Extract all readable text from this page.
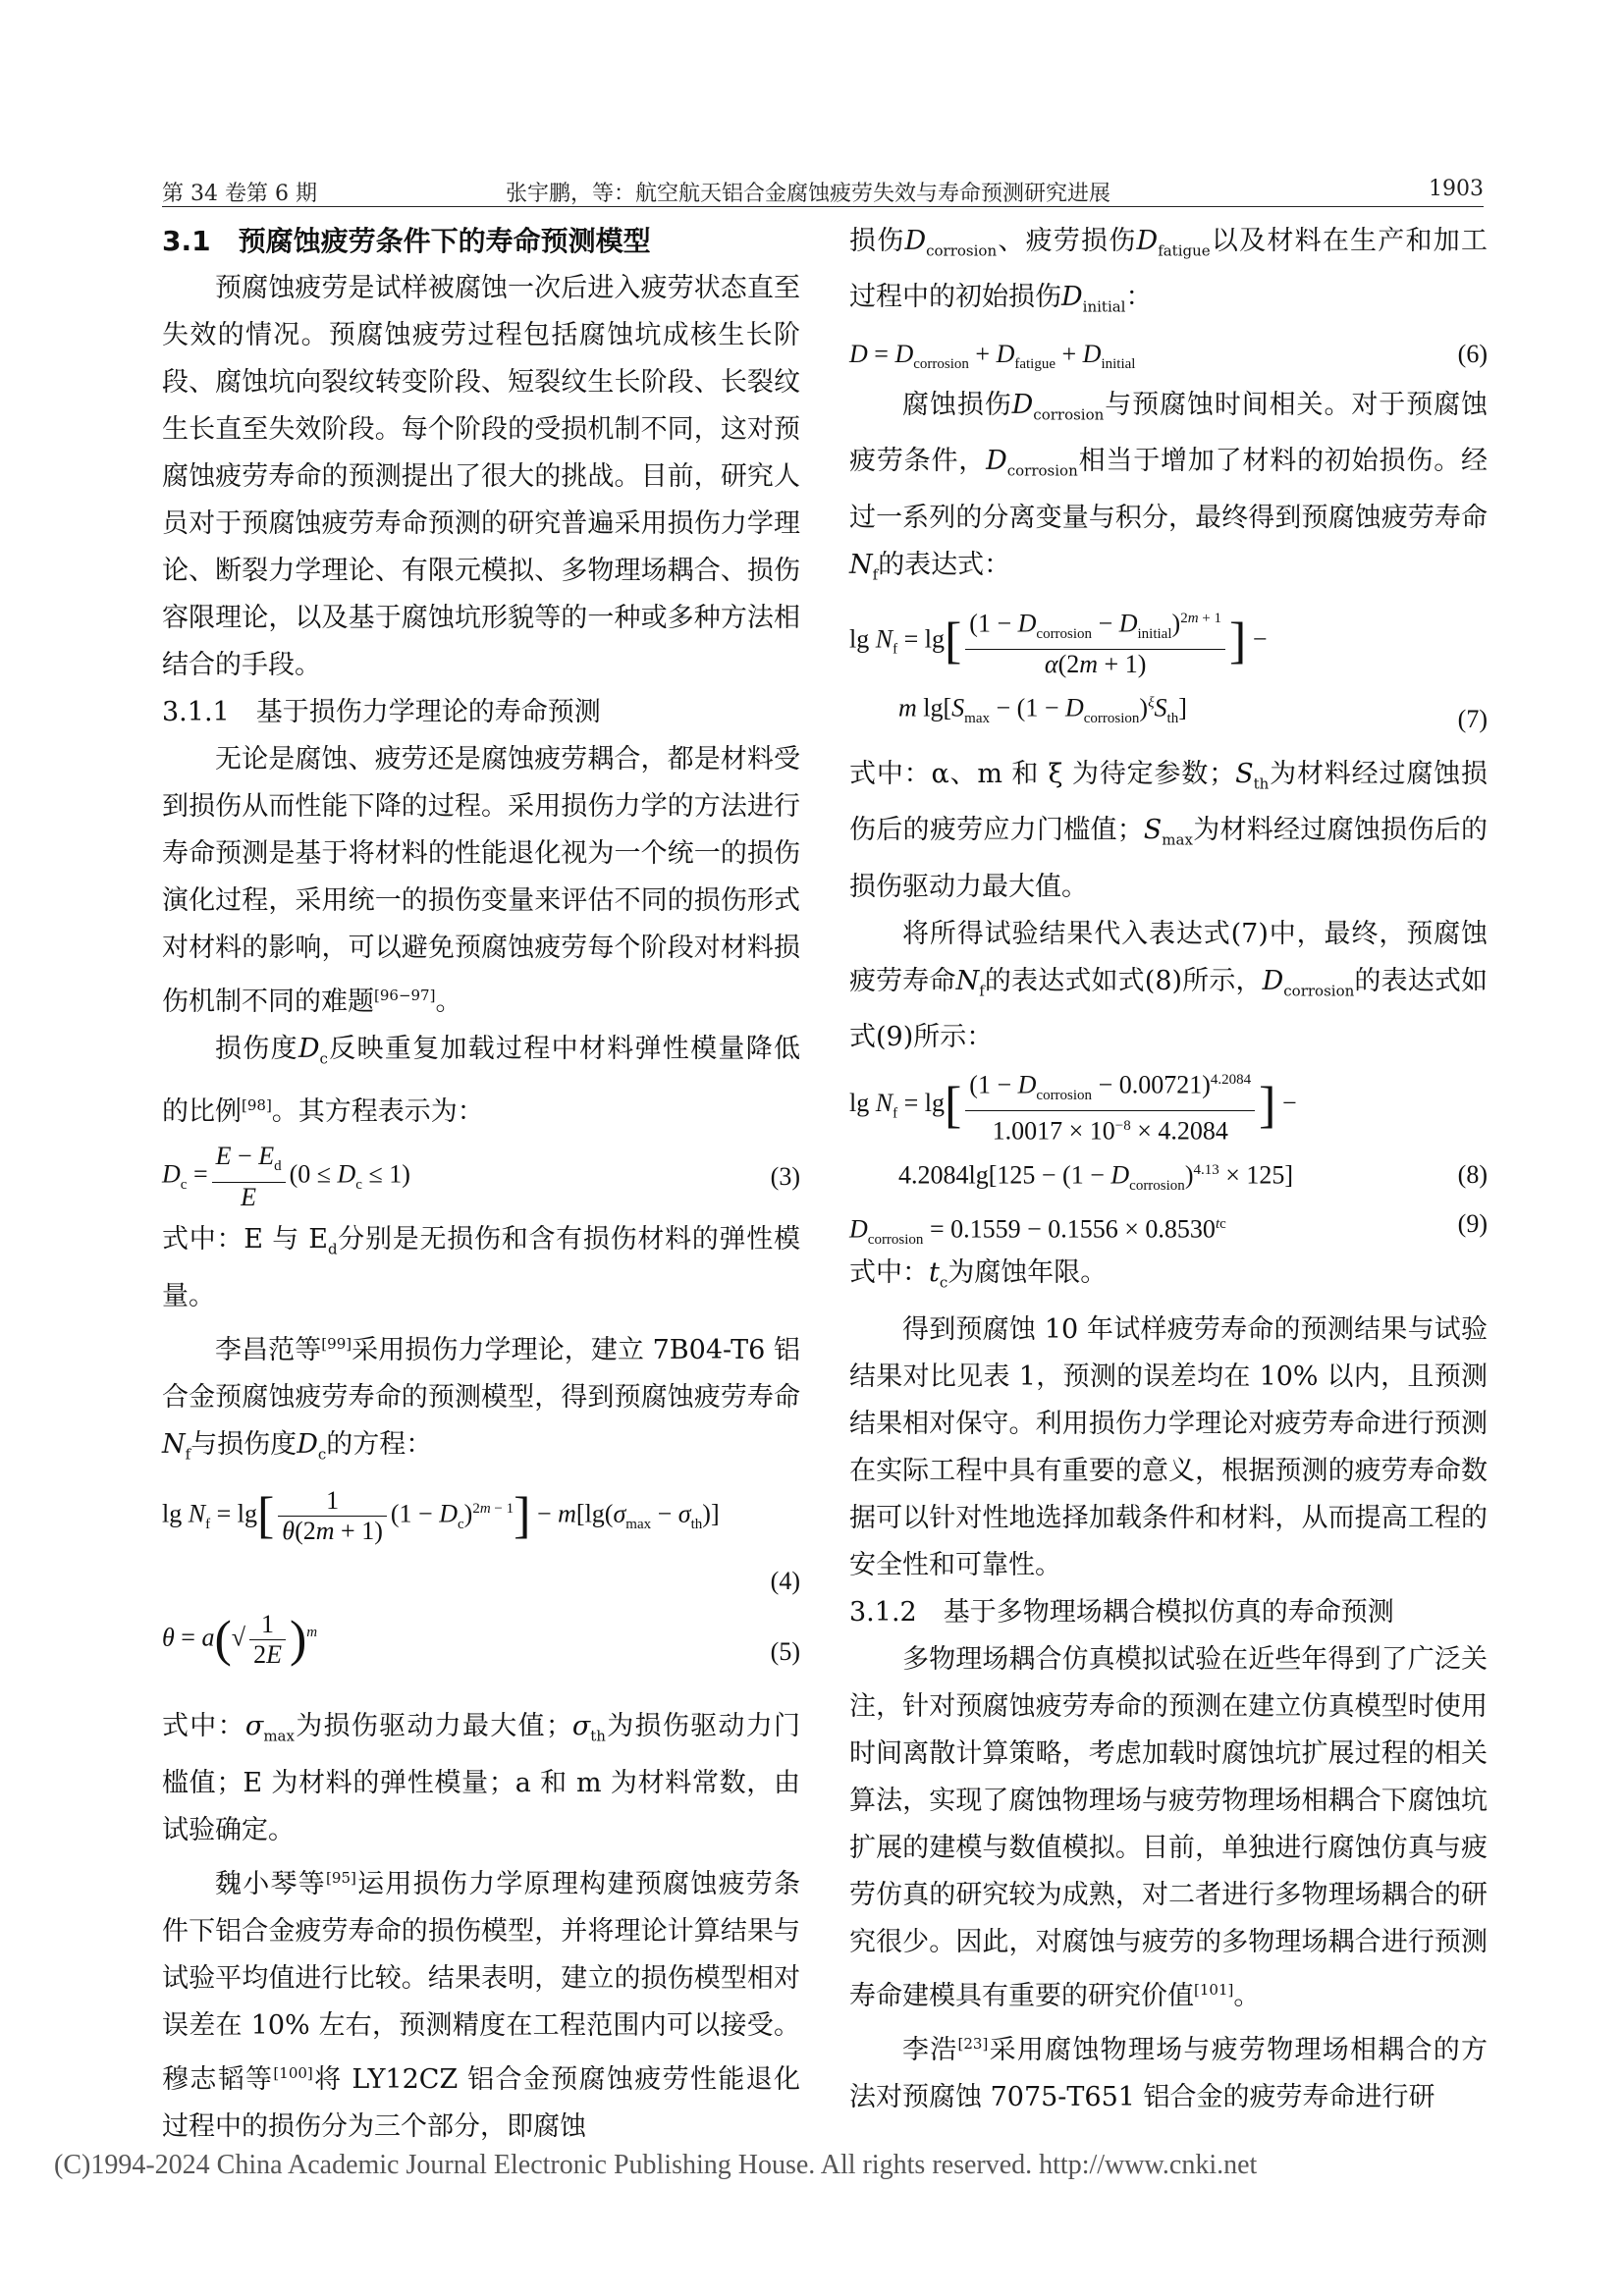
第 34 卷第 6 期	张宇鹏，等：航空航天铝合金腐蚀疲劳失效与寿命预测研究进展	1903

3.1　预腐蚀疲劳条件下的寿命预测模型

预腐蚀疲劳是试样被腐蚀一次后进入疲劳状态直至失效的情况。预腐蚀疲劳过程包括腐蚀坑成核生长阶段、腐蚀坑向裂纹转变阶段、短裂纹生长阶段、长裂纹生长直至失效阶段。每个阶段的受损机制不同，这对预腐蚀疲劳寿命的预测提出了很大的挑战。目前，研究人员对于预腐蚀疲劳寿命预测的研究普遍采用损伤力学理论、断裂力学理论、有限元模拟、多物理场耦合、损伤容限理论，以及基于腐蚀坑形貌等的一种或多种方法相结合的手段。

3.1.1　基于损伤力学理论的寿命预测

无论是腐蚀、疲劳还是腐蚀疲劳耦合，都是材料受到损伤从而性能下降的过程。采用损伤力学的方法进行寿命预测是基于将材料的性能退化视为一个统一的损伤演化过程，采用统一的损伤变量来评估不同的损伤形式对材料的影响，可以避免预腐蚀疲劳每个阶段对材料损伤机制不同的难题[96−97]。

损伤度$D_c$反映重复加载过程中材料弹性模量降低的比例[98]。其方程表示为：

$D_c = \frac{E - E_d}{E} (0 \le D_c \le 1)$	(3)

式中：E 与 $E_d$分别是无损伤和含有损伤材料的弹性模量。

李昌范等[99]采用损伤力学理论，建立 7B04-T6 铝合金预腐蚀疲劳寿命的预测模型，得到预腐蚀疲劳寿命$N_f$与损伤度$D_c$的方程：

$\lg N_f = \lg[ \frac{1}{\theta(2m + 1)} (1 - D_c)^{2m - 1}] - m[\lg(\sigma_{max} - \sigma_{th})]$
(4)
$\theta = a(√ \frac{1}{2E} )^m$
(5)

式中：$\sigma_{max}$为损伤驱动力最大值；$\sigma_{th}$为损伤驱动力门槛值；E 为材料的弹性模量；a 和 m 为材料常数，由试验确定。

魏小琴等[95]运用损伤力学原理构建预腐蚀疲劳条件下铝合金疲劳寿命的损伤模型，并将理论计算结果与试验平均值进行比较。结果表明，建立的损伤模型相对误差在 10% 左右，预测精度在工程范围内可以接受。穆志韬等[100]将 LY12CZ 铝合金预腐蚀疲劳性能退化过程中的损伤分为三个部分，即腐蚀

损伤$D_{corrosion}$、疲劳损伤$D_{fatigue}$以及材料在生产和加工过程中的初始损伤$D_{initial}$：

$D = D_{corrosion} + D_{fatigue} + D_{initial}$	(6)

腐蚀损伤$D_{corrosion}$与预腐蚀时间相关。对于预腐蚀疲劳条件，$D_{corrosion}$相当于增加了材料的初始损伤。经过一系列的分离变量与积分，最终得到预腐蚀疲劳寿命$N_f$的表达式：

$\lg N_f = \lg[ \frac{(1 - D_{corrosion} - D_{initial})^{2m + 1}}{\alpha(2m + 1)}$ ] −
m $\lg[S_{max} - (1 - D_{corrosion})^\xi S_{th}]$	(7)

式中：α、m 和 ξ 为待定参数；$S_{th}$为材料经过腐蚀损伤后的疲劳应力门槛值；$S_{max}$为材料经过腐蚀损伤后的损伤驱动力最大值。

将所得试验结果代入表达式(7)中，最终，预腐蚀疲劳寿命$N_f$的表达式如式(8)所示，$D_{corrosion}$的表达式如式(9)所示：

$\lg N_f = \lg[ \frac{(1 - D_{corrosion} - 0.00721)^{4.2084}}{1.0017 \times 10^{-8} \times 4.2084}$ ] −
$4.2084\lg[125 - (1 - D_{corrosion})^{4.13} \times 125]$	(8)
$D_{corrosion} = 0.1559 - 0.1556 \times 0.8530^{tc}$	(9)

式中：$t_c$为腐蚀年限。

得到预腐蚀 10 年试样疲劳寿命的预测结果与试验结果对比见表 1，预测的误差均在 10% 以内，且预测结果相对保守。利用损伤力学理论对疲劳寿命进行预测在实际工程中具有重要的意义，根据预测的疲劳寿命数据可以针对性地选择加载条件和材料，从而提高工程的安全性和可靠性。

3.1.2　基于多物理场耦合模拟仿真的寿命预测

多物理场耦合仿真模拟试验在近些年得到了广泛关注，针对预腐蚀疲劳寿命的预测在建立仿真模型时使用时间离散计算策略，考虑加载时腐蚀坑扩展过程的相关算法，实现了腐蚀物理场与疲劳物理场相耦合下腐蚀坑扩展的建模与数值模拟。目前，单独进行腐蚀仿真与疲劳仿真的研究较为成熟，对二者进行多物理场耦合的研究很少。因此，对腐蚀与疲劳的多物理场耦合进行预测寿命建模具有重要的研究价值[101]。

李浩[23]采用腐蚀物理场与疲劳物理场相耦合的方法对预腐蚀 7075-T651 铝合金的疲劳寿命进行研

(C)1994-2024 China Academic Journal Electronic Publishing House. All rights reserved. http://www.cnki.net
